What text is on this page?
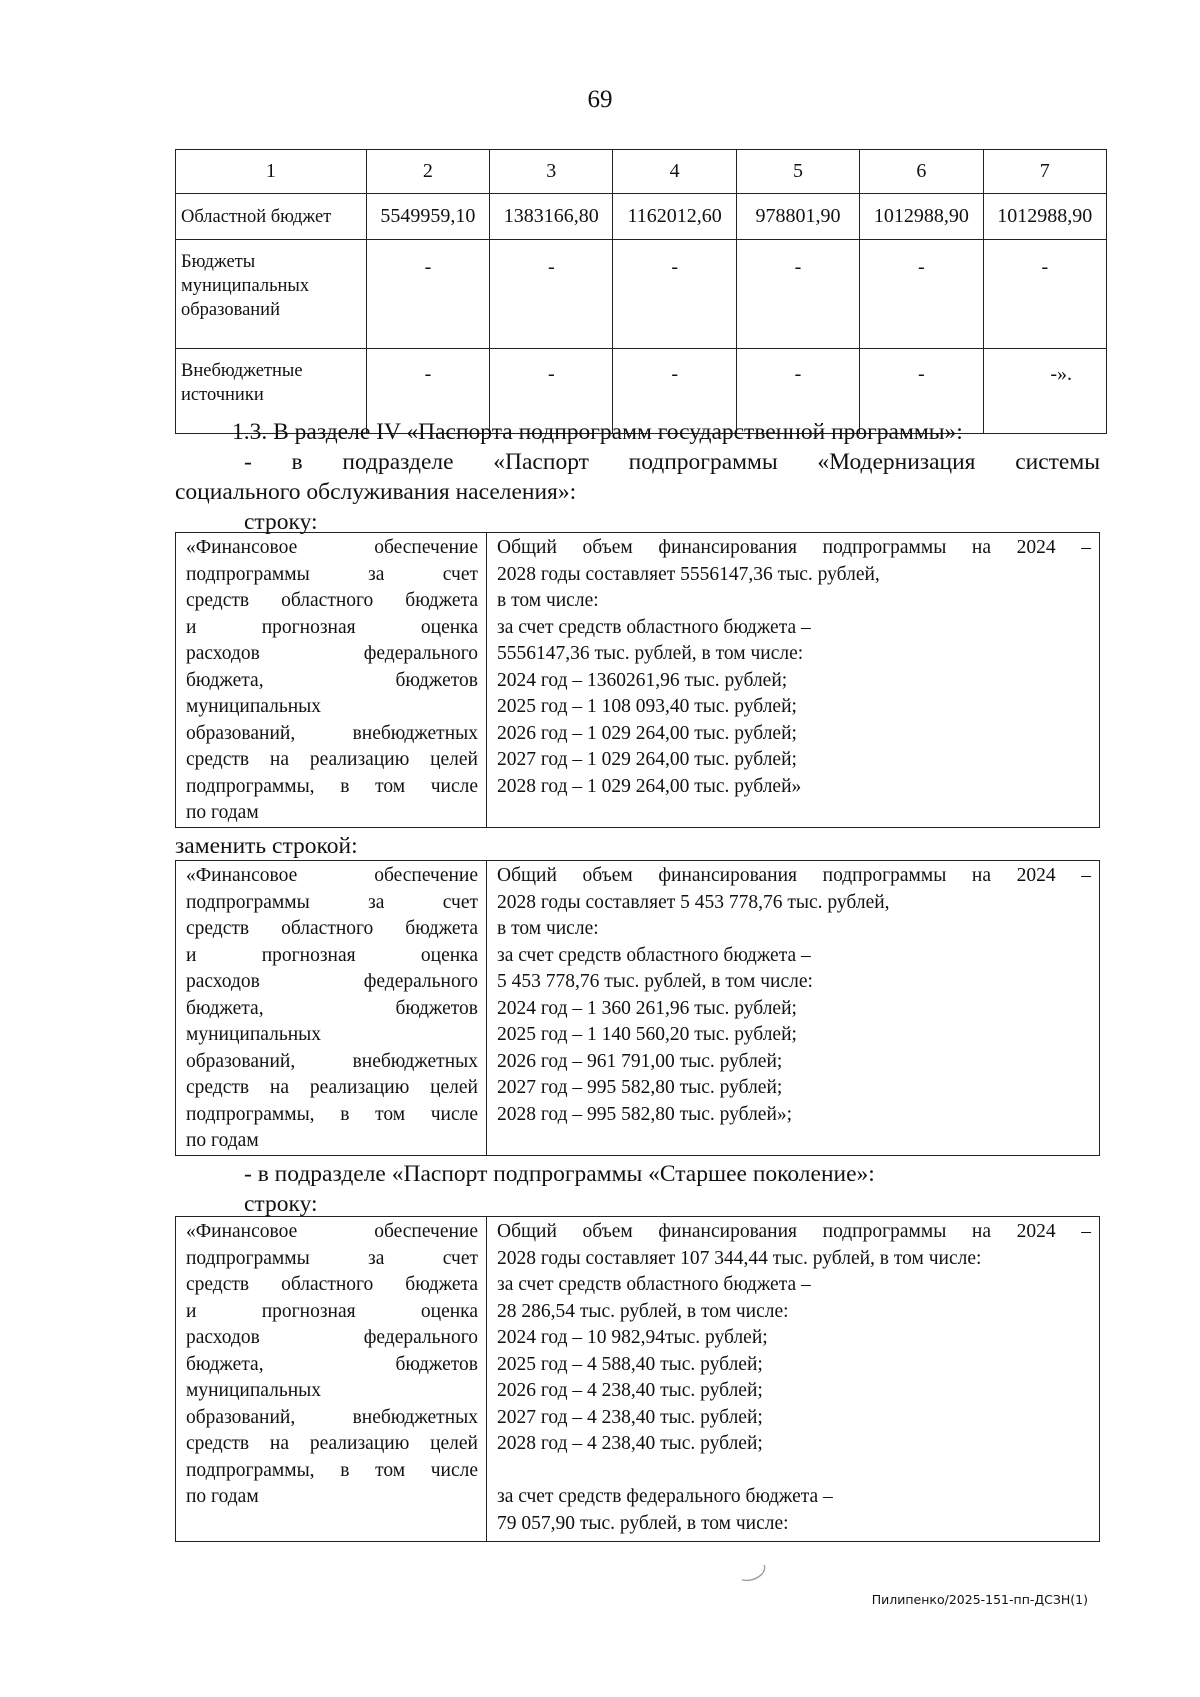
69
1	2	3	4	5	6	7
Областной бюджет	5549959,10	1383166,80	1162012,60	978801,90	1012988,90	1012988,90

Бюджеты
муниципальных
образований	-	-	-	-	-	-

Внебюджетные
источники	-	-	-	-	-	-».
1.3. В разделе IV «Паспорта подпрограмм государственной программы»:
- в подразделе «Паспорт подпрограммы «Модернизация системы
социального обслуживания населения»:
строку:
«Финансовое обеспечение
подпрограммы за счет
средств областного бюджета
и прогнозная оценка
расходов федерального
бюджета, бюджетов
муниципальных
образований, внебюджетных
средств на реализацию целей
подпрограммы, в том числе
по годам

Общий объем финансирования подпрограммы на 2024 –
2028 годы составляет 5556147,36 тыс. рублей,
в том числе:
за счет средств областного бюджета –
5556147,36 тыс. рублей, в том числе:
2024 год – 1360261,96 тыс. рублей;
2025 год – 1 108 093,40 тыс. рублей;
2026 год – 1 029 264,00 тыс. рублей;
2027 год – 1 029 264,00 тыс. рублей;
2028 год – 1 029 264,00 тыс. рублей»
заменить строкой:
«Финансовое обеспечение
подпрограммы за счет
средств областного бюджета
и прогнозная оценка
расходов федерального
бюджета, бюджетов
муниципальных
образований, внебюджетных
средств на реализацию целей
подпрограммы, в том числе
по годам

Общий объем финансирования подпрограммы на 2024 –
2028 годы составляет 5 453 778,76 тыс. рублей,
в том числе:
за счет средств областного бюджета –
5 453 778,76 тыс. рублей, в том числе:
2024 год – 1 360 261,96 тыс. рублей;
2025 год – 1 140 560,20 тыс. рублей;
2026 год – 961 791,00 тыс. рублей;
2027 год – 995 582,80 тыс. рублей;
2028 год – 995 582,80 тыс. рублей»;
- в подразделе «Паспорт подпрограммы «Старшее поколение»:
строку:
«Финансовое обеспечение
подпрограммы за счет
средств областного бюджета
и прогнозная оценка
расходов федерального
бюджета, бюджетов
муниципальных
образований, внебюджетных
средств на реализацию целей
подпрограммы, в том числе
по годам

Общий объем финансирования подпрограммы на 2024 –
2028 годы составляет 107 344,44 тыс. рублей, в том числе:
за счет средств областного бюджета –
28 286,54 тыс. рублей, в том числе:
2024 год – 10 982,94тыс. рублей;
2025 год – 4 588,40 тыс. рублей;
2026 год – 4 238,40 тыс. рублей;
2027 год – 4 238,40 тыс. рублей;
2028 год – 4 238,40 тыс. рублей;
за счет средств федерального бюджета –
79 057,90 тыс. рублей, в том числе:
Пилипенко/2025-151-пп-ДСЗН(1)
